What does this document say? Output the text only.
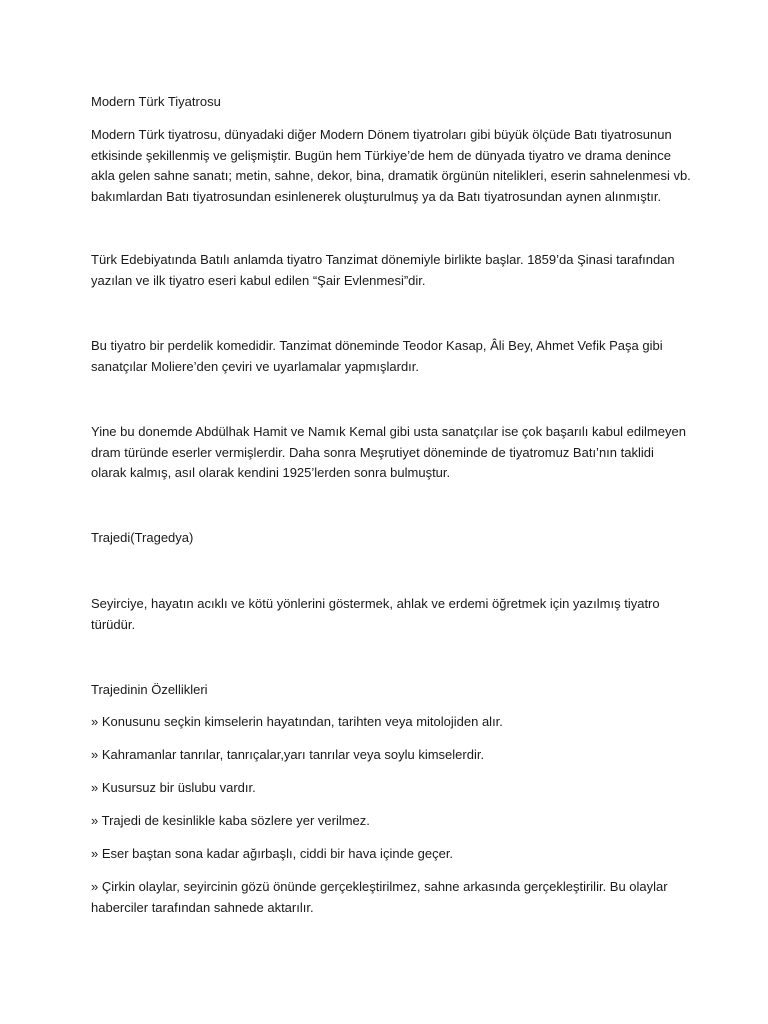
Modern Türk Tiyatrosu

Modern Türk tiyatrosu, dünyadaki diğer Modern Dönem tiyatroları gibi büyük ölçüde Batı tiyatrosunun etkisinde şekillenmiş ve gelişmiştir. Bugün hem Türkiye’de hem de dünyada tiyatro ve drama denince akla gelen sahne sanatı; metin, sahne, dekor, bina, dramatik örgünün nitelikleri, eserin sahnelenmesi vb. bakımlardan Batı tiyatrosundan esinlenerek oluşturulmuş ya da Batı tiyatrosundan aynen alınmıştır.

Türk Edebiyatında Batılı anlamda tiyatro Tanzimat dönemiyle birlikte başlar. 1859’da Şinasi tarafından yazılan ve ilk tiyatro eseri kabul edilen “Şair Evlenmesi”dir.

Bu tiyatro bir perdelik komedidir. Tanzimat döneminde Teodor Kasap, Âli Bey, Ahmet Vefik Paşa gibi sanatçılar Moliere’den çeviri ve uyarlamalar yapmışlardır.

Yine bu donemde Abdülhak Hamit ve Namık Kemal gibi usta sanatçılar ise çok başarılı kabul edilmeyen dram türünde eserler vermişlerdir. Daha sonra Meşrutiyet döneminde de tiyatromuz Batı’nın taklidi olarak kalmış, asıl olarak kendini 1925’lerden sonra bulmuştur.

Trajedi(Tragedya)

Seyirciye, hayatın acıklı ve kötü yönlerini göstermek, ahlak ve erdemi öğretmek için yazılmış tiyatro türüdür.

Trajedinin Özellikleri

» Konusunu seçkin kimselerin hayatından, tarihten veya mitolojiden alır.

» Kahramanlar tanrılar, tanrıçalar,yarı tanrılar veya soylu kimselerdir.

» Kusursuz bir üslubu vardır.

» Trajedi de kesinlikle kaba sözlere yer verilmez.

» Eser baştan sona kadar ağırbaşlı, ciddi bir hava içinde geçer.

» Çirkin olaylar, seyircinin gözü önünde gerçekleştirilmez, sahne arkasında gerçekleştirilir. Bu olaylar haberciler tarafından sahnede aktarılır.
